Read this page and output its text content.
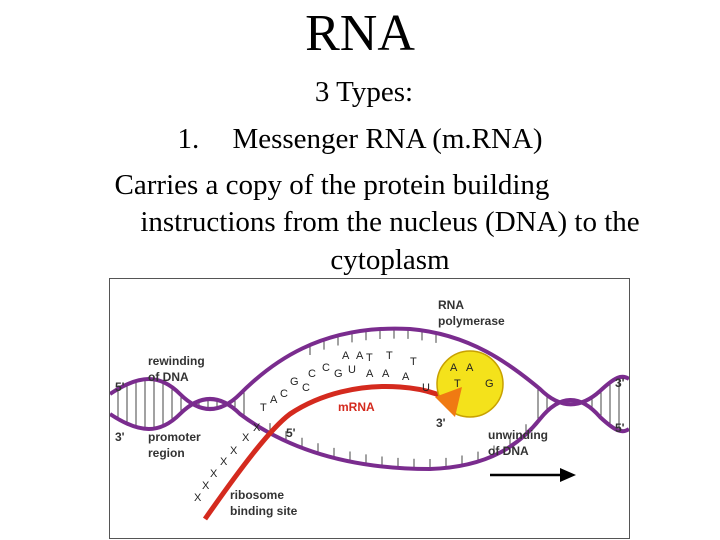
RNA
3 Types:
1. Messenger RNA (m.RNA)
Carries a copy of the protein building
instructions from the nucleus (DNA) to the
cytoplasm
X
X
X
X
X
X
X
A T T T	A A
U T G
C C G
G C
U A A A
T
A C
A
RNA
polymerase
rewinding
of DNA
promoter
region
unwinding
of DNA
ribosome
binding site
mRNA
5'
3'
3'
5'
5'
3'
